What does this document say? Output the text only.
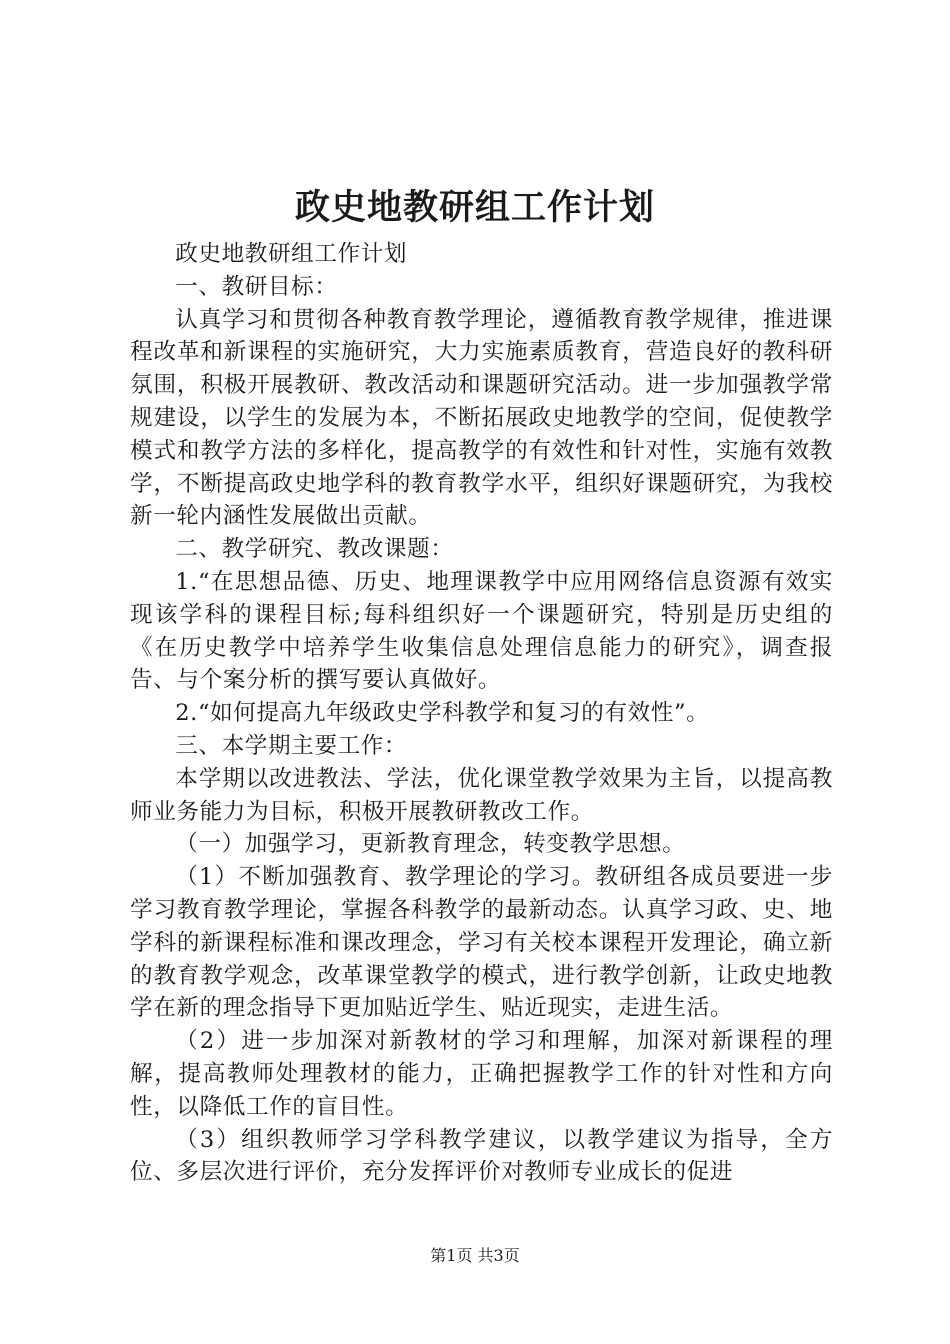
政史地教研组工作计划

政史地教研组工作计划

一、教研目标：

认真学习和贯彻各种教育教学理论，遵循教育教学规律，推进课程改革和新课程的实施研究，大力实施素质教育，营造良好的教科研氛围，积极开展教研、教改活动和课题研究活动。进一步加强教学常规建设，以学生的发展为本，不断拓展政史地教学的空间，促使教学模式和教学方法的多样化，提高教学的有效性和针对性，实施有效教学，不断提高政史地学科的教育教学水平，组织好课题研究，为我校新一轮内涵性发展做出贡献。

二、教学研究、教改课题：

1.“在思想品德、历史、地理课教学中应用网络信息资源有效实现该学科的课程目标;每科组织好一个课题研究，特别是历史组的《在历史教学中培养学生收集信息处理信息能力的研究》，调查报告、与个案分析的撰写要认真做好。

2.“如何提高九年级政史学科教学和复习的有效性”。

三、本学期主要工作：

本学期以改进教法、学法，优化课堂教学效果为主旨，以提高教师业务能力为目标，积极开展教研教改工作。

（一）加强学习，更新教育理念，转变教学思想。

（1）不断加强教育、教学理论的学习。教研组各成员要进一步学习教育教学理论，掌握各科教学的最新动态。认真学习政、史、地学科的新课程标准和课改理念，学习有关校本课程开发理论，确立新的教育教学观念，改革课堂教学的模式，进行教学创新，让政史地教学在新的理念指导下更加贴近学生、贴近现实，走进生活。

（2）进一步加深对新教材的学习和理解，加深对新课程的理解，提高教师处理教材的能力，正确把握教学工作的针对性和方向性，以降低工作的盲目性。

（3）组织教师学习学科教学建议，以教学建议为指导，全方位、多层次进行评价，充分发挥评价对教师专业成长的促进

第1页 共3页
